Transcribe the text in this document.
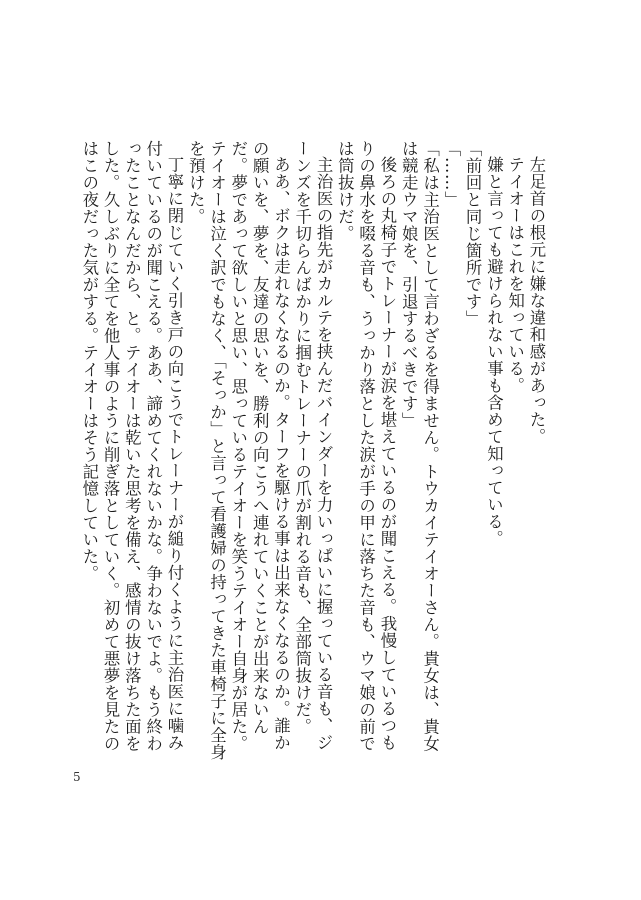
左足首の根元に嫌な違和感があった。

テイオーはこれを知っている。

嫌と言っても避けられない事も含めて知っている。

「前回と同じ箇所です」

「……」

「私は主治医として言わざるを得ません。トウカイテイオーさん。貴女は、貴女は競走ウマ娘を、引退するべきです」

後ろの丸椅子でトレーナーが涙を堪えているのが聞こえる。我慢しているつもりの鼻水を啜る音も、うっかり落とした涙が手の甲に落ちた音も、ウマ娘の前では筒抜けだ。

主治医の指先がカルテを挟んだバインダーを力いっぱいに握っている音も、ジーンズを千切らんばかりに掴むトレーナーの爪が割れる音も、全部筒抜けだ。

ああ、ボクは走れなくなるのか。ターフを駆ける事は出来なくなるのか。誰かの願いを、夢を、友達の思いを、勝利の向こうへ連れていくことが出来ないんだ。夢であって欲しいと思い、思っているテイオーを笑うテイオー自身が居た。テイオーは泣く訳でもなく、「そっか」と言って看護婦の持ってきた車椅子に全身を預けた。

丁寧に閉じていく引き戸の向こうでトレーナーが縋り付くように主治医に噛み付いているのが聞こえる。ああ、諦めてくれないかな。争わないでよ。もう終わったことなんだから、と。テイオーは乾いた思考を備え、感情の抜け落ちた面をした。久しぶりに全てを他人事のように削ぎ落としていく。初めて悪夢を見たのはこの夜だった気がする。テイオーはそう記憶していた。

5
